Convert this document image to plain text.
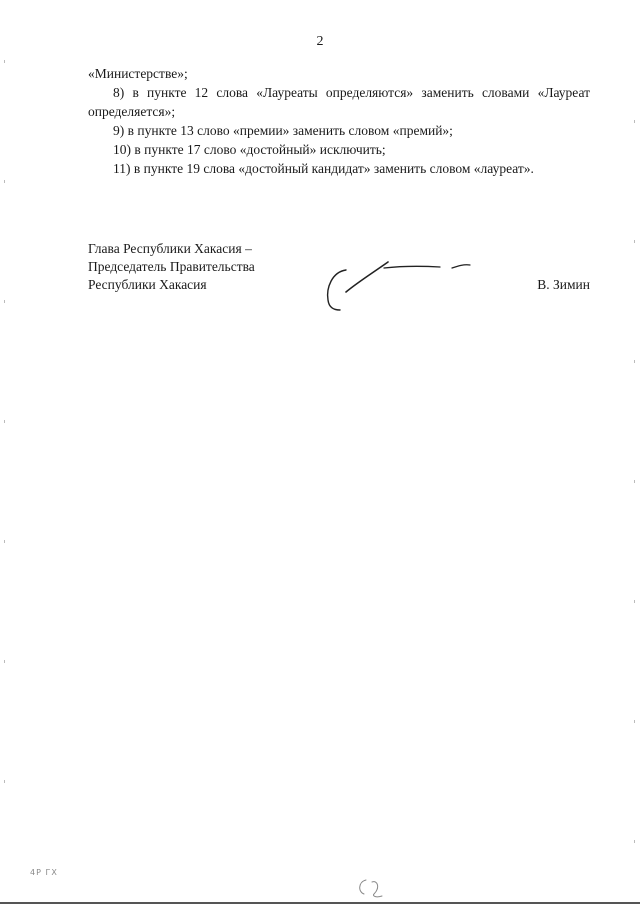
2

«Министерстве»;

8) в пункте 12 слова «Лауреаты определяются» заменить словами «Лауреат определяется»;

9) в пункте 13 слово «премии» заменить словом «премий»;

10) в пункте 17 слово «достойный» исключить;

11) в пункте 19 слова «достойный кандидат» заменить словом «лауреат».

Глава Республики Хакасия –
Председатель Правительства
Республики Хакасия	В. Зимин
4Р ГХ
